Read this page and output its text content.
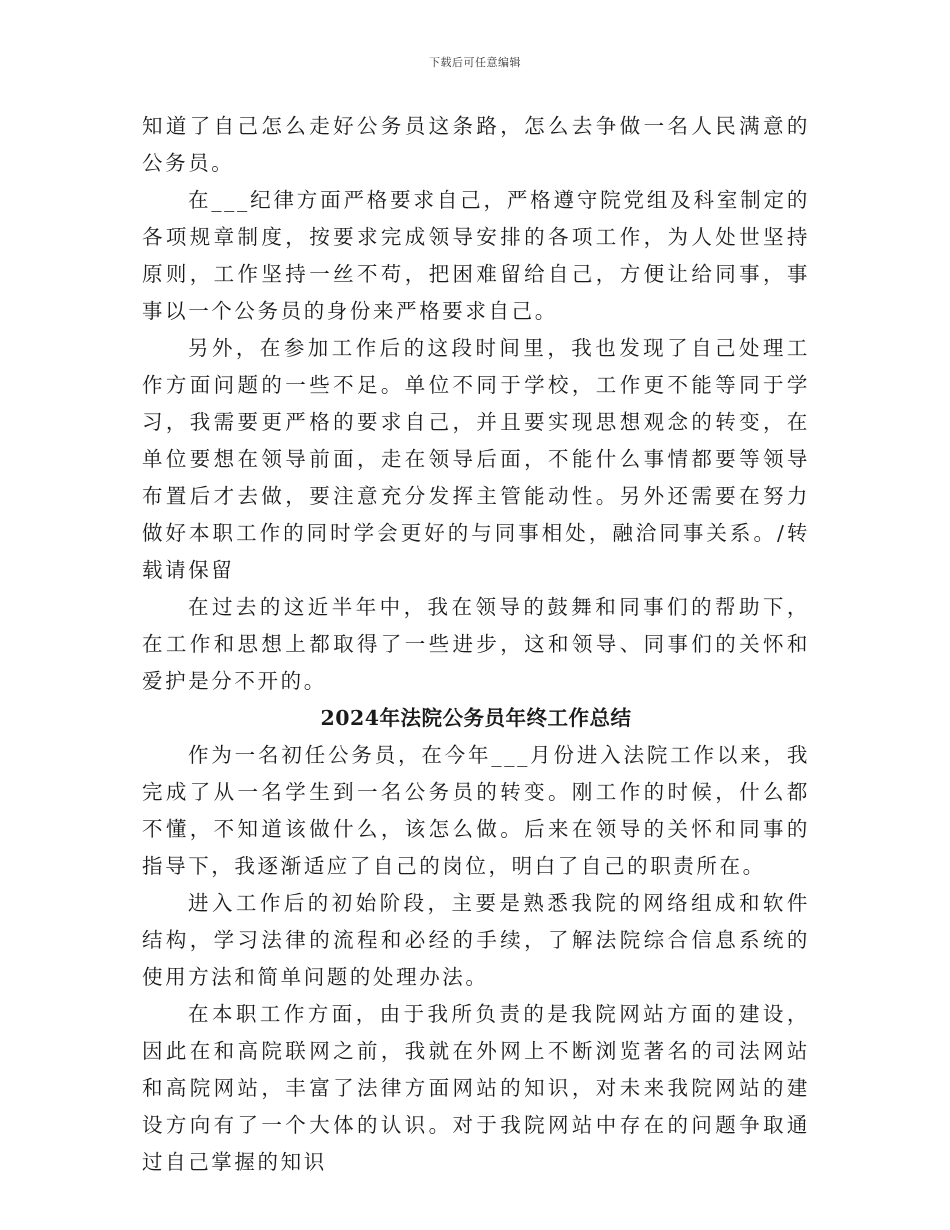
下载后可任意编辑

知道了自己怎么走好公务员这条路，怎么去争做一名人民满意的公务员。

在___纪律方面严格要求自己，严格遵守院党组及科室制定的各项规章制度，按要求完成领导安排的各项工作，为人处世坚持原则，工作坚持一丝不苟，把困难留给自己，方便让给同事，事事以一个公务员的身份来严格要求自己。

另外，在参加工作后的这段时间里，我也发现了自己处理工作方面问题的一些不足。单位不同于学校，工作更不能等同于学习，我需要更严格的要求自己，并且要实现思想观念的转变，在单位要想在领导前面，走在领导后面，不能什么事情都要等领导布置后才去做，要注意充分发挥主管能动性。另外还需要在努力做好本职工作的同时学会更好的与同事相处，融洽同事关系。/转载请保留

在过去的这近半年中，我在领导的鼓舞和同事们的帮助下，在工作和思想上都取得了一些进步，这和领导、同事们的关怀和爱护是分不开的。

2024年法院公务员年终工作总结

作为一名初任公务员，在今年___月份进入法院工作以来，我完成了从一名学生到一名公务员的转变。刚工作的时候，什么都不懂，不知道该做什么，该怎么做。后来在领导的关怀和同事的指导下，我逐渐适应了自己的岗位，明白了自己的职责所在。

进入工作后的初始阶段，主要是熟悉我院的网络组成和软件结构，学习法律的流程和必经的手续，了解法院综合信息系统的使用方法和简单问题的处理办法。

在本职工作方面，由于我所负责的是我院网站方面的建设，因此在和高院联网之前，我就在外网上不断浏览著名的司法网站和高院网站，丰富了法律方面网站的知识，对未来我院网站的建设方向有了一个大体的认识。对于我院网站中存在的问题争取通过自己掌握的知识
